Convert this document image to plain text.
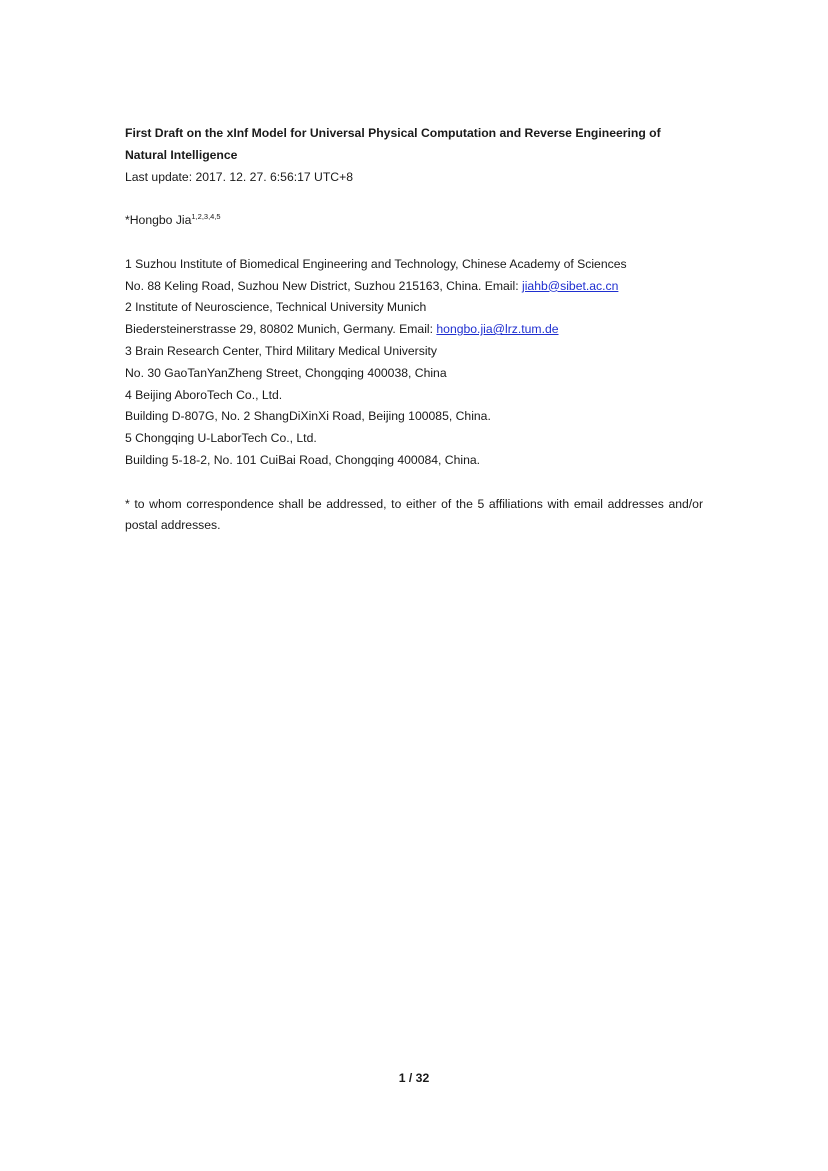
First Draft on the xInf Model for Universal Physical Computation and Reverse Engineering of Natural Intelligence

Last update: 2017. 12. 27. 6:56:17 UTC+8

*Hongbo Jia$^{1,2,3,4,5}$

1 Suzhou Institute of Biomedical Engineering and Technology, Chinese Academy of Sciences

No. 88 Keling Road, Suzhou New District, Suzhou 215163, China. Email: jiahb@sibet.ac.cn

2 Institute of Neuroscience, Technical University Munich

Biedersteinerstrasse 29, 80802 Munich, Germany. Email: hongbo.jia@lrz.tum.de

3 Brain Research Center, Third Military Medical University

No. 30 GaoTanYanZheng Street, Chongqing 400038, China

4 Beijing AboroTech Co., Ltd.

Building D-807G, No. 2 ShangDiXinXi Road, Beijing 100085, China.

5 Chongqing U-LaborTech Co., Ltd.

Building 5-18-2, No. 101 CuiBai Road, Chongqing 400084, China.

* to whom correspondence shall be addressed, to either of the 5 affiliations with email addresses and/or postal addresses.

1 / 32
